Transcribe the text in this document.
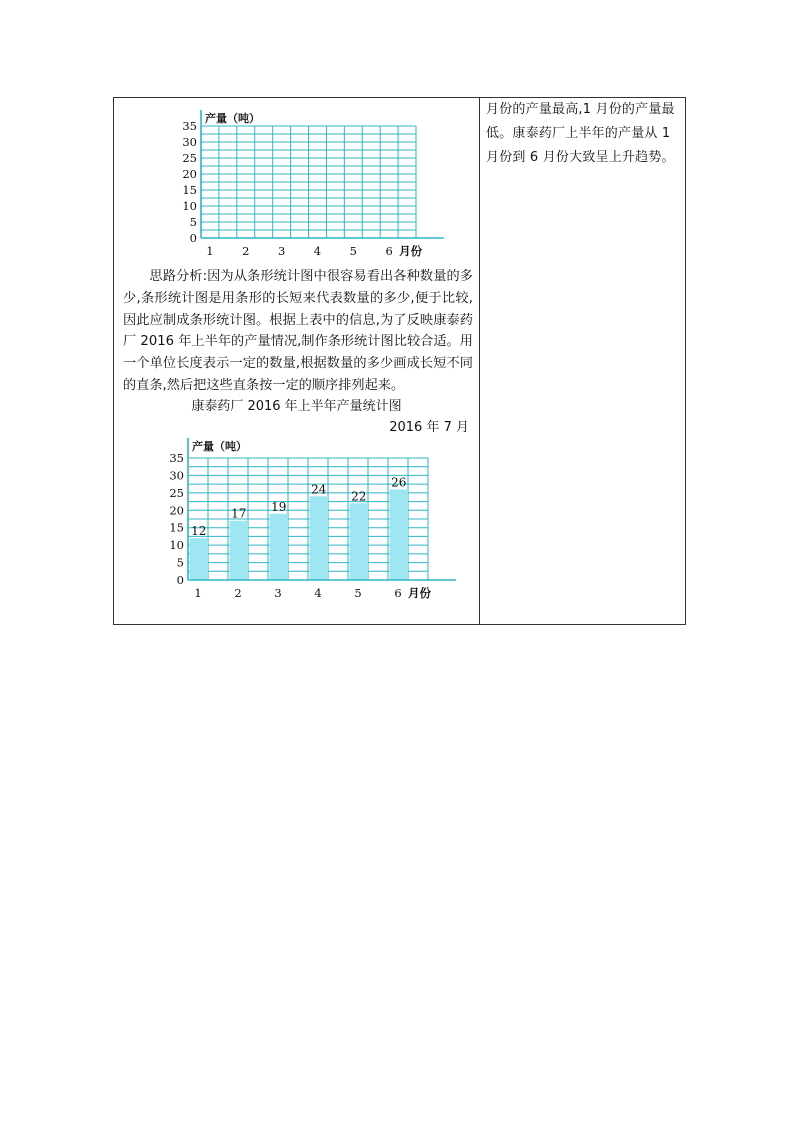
0
5
10
15
20
25
30
35
1 2 3 4 5 6
产量（吨）
月份

思路分析:因为从条形统计图中很容易看出各种数量的多少,条形统计图是用条形的长短来代表数量的多少,便于比较,因此应制成条形统计图。根据上表中的信息,为了反映康泰药厂 2016 年上半年的产量情况,制作条形统计图比较合适。用一个单位长度表示一定的数量,根据数量的多少画成长短不同的直条,然后把这些直条按一定的顺序排列起来。

康泰药厂 2016 年上半年产量统计图
2016 年 7 月
12
17 19
24 22
26
0
5
10
15
20
25
30
35
1	2	3	4	5	6
产量（吨）
月份
月份的产量最高,1 月份的产量最低。康泰药厂上半年的产量从 1 月份到 6 月份大致呈上升趋势。
